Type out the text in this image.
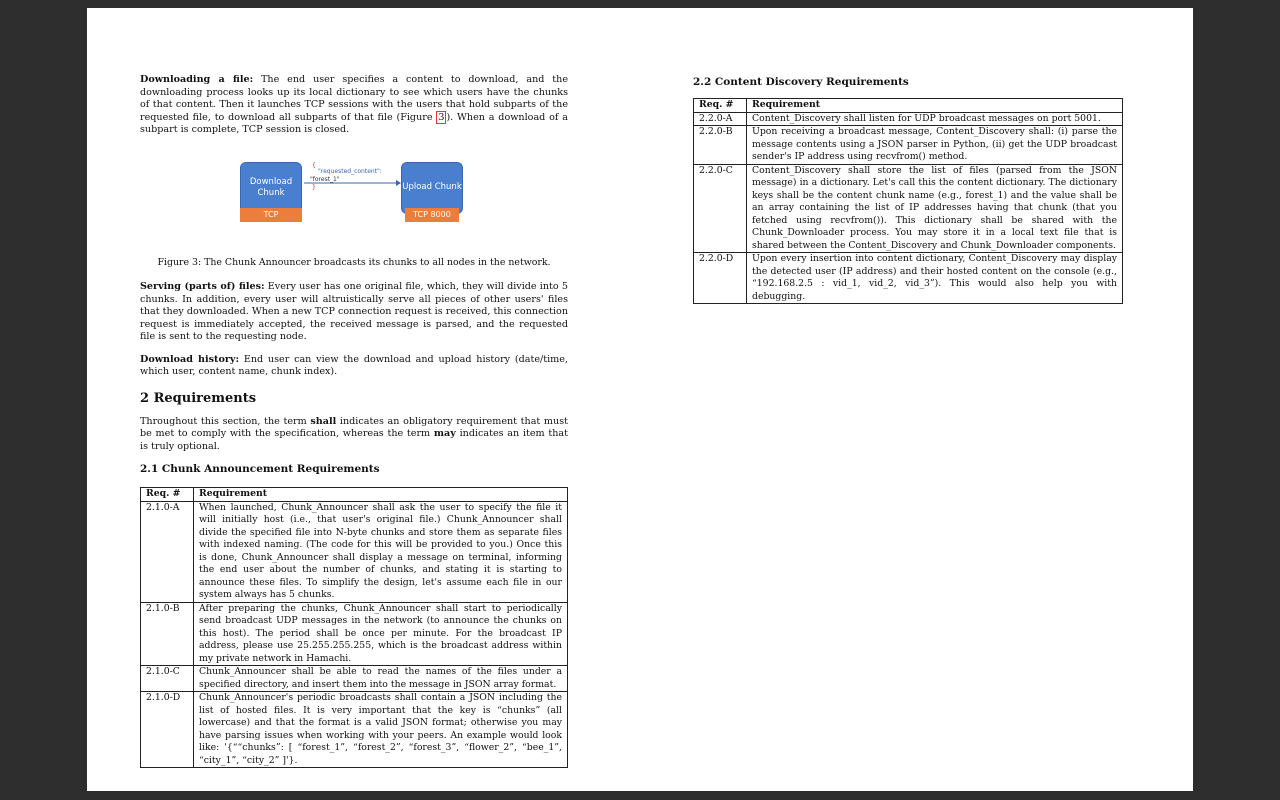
Downloading a file: The end user specifies a content to download, and the downloading process looks up its local dictionary to see which users have the chunks of that content. Then it launches TCP sessions with the users that hold subparts of the requested file, to download all subparts of that file (Figure 3 ). When a download of a subpart is complete, TCP session is closed.

Download Chunk
TCP
Upload Chunk
TCP 8000
{
"requested_content":
"forest_1"
}

Figure 3: The Chunk Announcer broadcasts its chunks to all nodes in the network.

Serving (parts of) files: Every user has one original file, which, they will divide into 5 chunks. In addition, every user will altruistically serve all pieces of other users' files that they downloaded. When a new TCP connection request is received, this connection request is immediately accepted, the received message is parsed, and the requested file is sent to the requesting node.

Download history: End user can view the download and upload history (date/time, which user, content name, chunk index).

2 Requirements

Throughout this section, the term shall indicates an obligatory requirement that must be met to comply with the specification, whereas the term may indicates an item that is truly optional.

2.1 Chunk Announcement Requirements
Req. #	Requirement
2.1.0-A	When launched, Chunk_Announcer shall ask the user to specify the file it will initially host (i.e., that user's original file.) Chunk_Announcer shall divide the specified file into N-byte chunks and store them as separate files with indexed naming. (The code for this will be provided to you.) Once this is done, Chunk_Announcer shall display a message on terminal, informing the end user about the number of chunks, and stating it is starting to announce these files. To simplify the design, let's assume each file in our system always has 5 chunks.
2.1.0-B	After preparing the chunks, Chunk_Announcer shall start to periodically send broadcast UDP messages in the network (to announce the chunks on this host). The period shall be once per minute. For the broadcast IP address, please use 25.255.255.255, which is the broadcast address within my private network in Hamachi.
2.1.0-C	Chunk_Announcer shall be able to read the names of the files under a specified directory, and insert them into the message in JSON array format.
2.1.0-D	Chunk_Announcer's periodic broadcasts shall contain a JSON including the list of hosted files. It is very important that the key is “chunks” (all lowercase) and that the format is a valid JSON format; otherwise you may have parsing issues when working with your peers. An example would look like: '{““chunks”: [ “forest_1”, “forest_2”, “forest_3”, “flower_2”, “bee_1”, “city_1”, “city_2” ]'}.
2.2 Content Discovery Requirements
Req. #	Requirement
2.2.0-A	Content_Discovery shall listen for UDP broadcast messages on port 5001.
2.2.0-B	Upon receiving a broadcast message, Content_Discovery shall: (i) parse the message contents using a JSON parser in Python, (ii) get the UDP broadcast sender's IP address using recvfrom() method.
2.2.0-C	Content_Discovery shall store the list of files (parsed from the JSON message) in a dictionary. Let's call this the content dictionary. The dictionary keys shall be the content chunk name (e.g., forest_1) and the value shall be an array containing the list of IP addresses having that chunk (that you fetched using recvfrom()). This dictionary shall be shared with the Chunk_Downloader process. You may store it in a local text file that is shared between the Content_Discovery and Chunk_Downloader components.
2.2.0-D	Upon every insertion into content dictionary, Content_Discovery may display the detected user (IP address) and their hosted content on the console (e.g., “192.168.2.5 : vid_1, vid_2, vid_3”). This would also help you with debugging.
